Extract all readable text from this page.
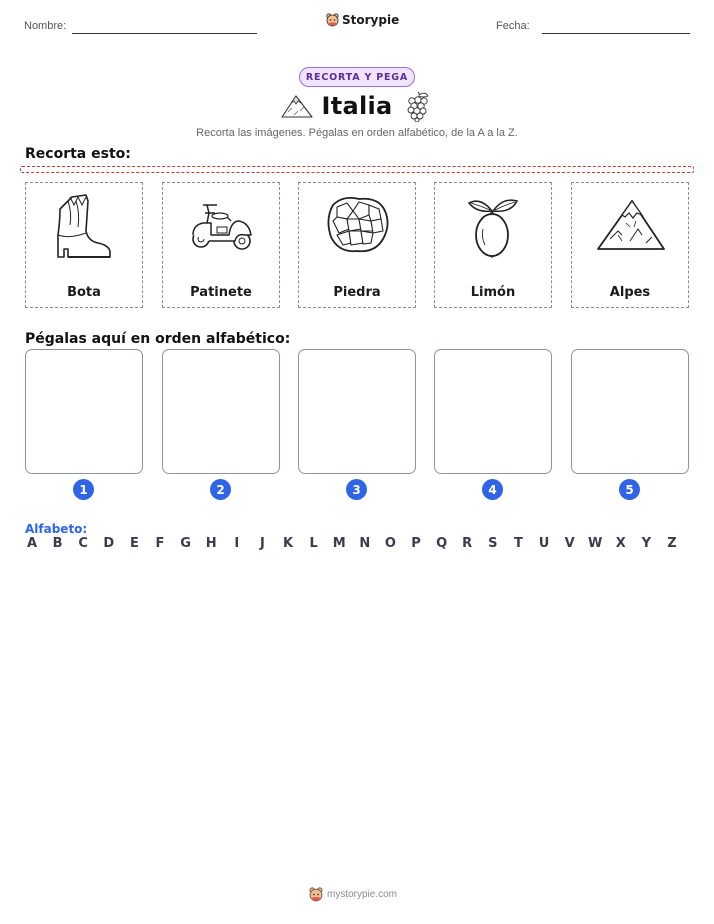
Nombre:	Storypie	Fecha:
RECORTA Y PEGA
Italia
Recorta las imágenes. Pégalas en orden alfabético, de la A a la Z.
Recorta esto:
Bota	Patinete	Piedra	Limón	Alpes
Pégalas aquí en orden alfabético:
1	2	3	4	5
Alfabeto:
A	B	C	D	E	F	G	H	I	J	K	L	M	N	O	P	Q	R	S	T	U	V	W	X	Y	Z
mystorypie.com
